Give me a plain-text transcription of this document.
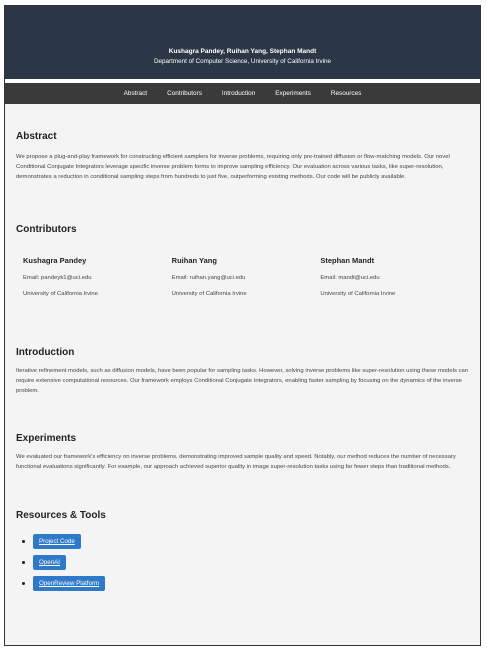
Kushagra Pandey, Ruihan Yang, Stephan Mandt
Department of Computer Science, University of California Irvine
Abstract	Contributors	Introduction	Experiments	Resources
Abstract

We propose a plug-and-play framework for constructing efficient samplers for inverse problems, requiring only pre-trained diffusion or flow-matching models. Our novel Conditional Conjugate Integrators leverage specific inverse problem forms to improve sampling efficiency. Our evaluation across various tasks, like super-resolution, demonstrates a reduction in conditional sampling steps from hundreds to just five, outperforming existing methods. Our code will be publicly available.

Contributors
Kushagra Pandey
Email: pandeyk1@uci.edu
University of California Irvine
Ruihan Yang
Email: ruihan.yang@uci.edu
University of California Irvine
Stephan Mandt
Email: mandt@uci.edu
University of California Irvine
Introduction

Iterative refinement models, such as diffusion models, have been popular for sampling tasks. However, solving inverse problems like super-resolution using these models can require extensive computational resources. Our framework employs Conditional Conjugate Integrators, enabling faster sampling by focusing on the dynamics of the inverse problem.

Experiments

We evaluated our framework's efficiency on inverse problems, demonstrating improved sample quality and speed. Notably, our method reduces the number of necessary functional evaluations significantly. For example, our approach achieved superior quality in image super-resolution tasks using far fewer steps than traditional methods.

Resources & Tools
Project Code
OpenAI
OpenReview Platform
